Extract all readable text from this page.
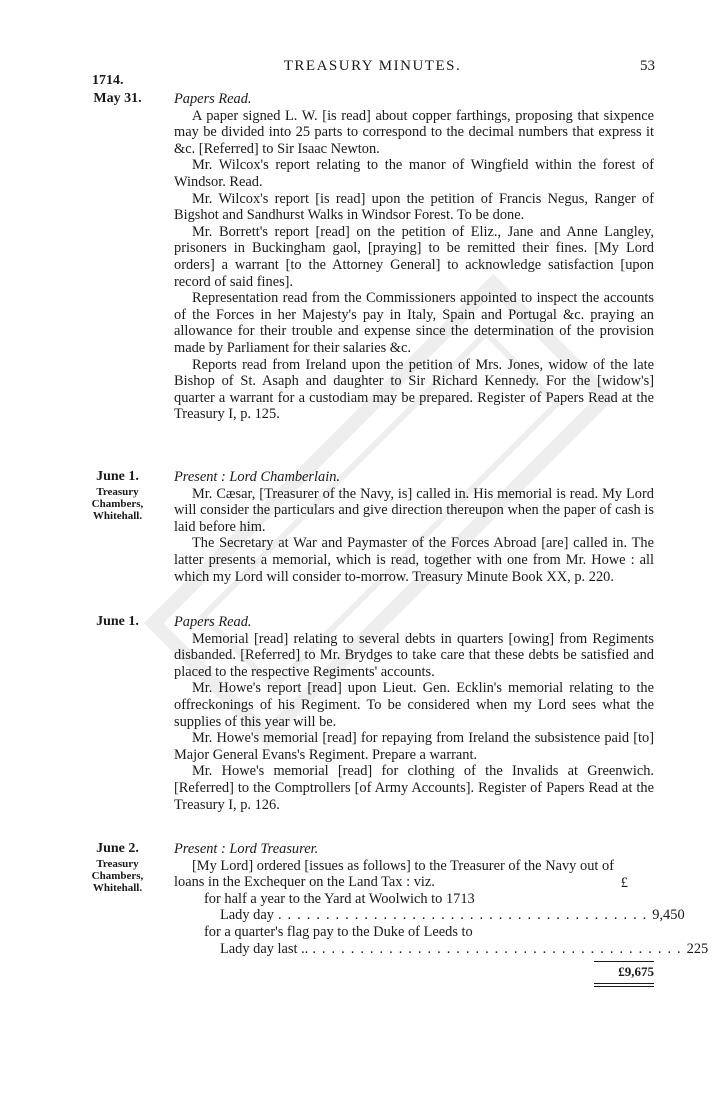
TREASURY MINUTES.	53
1714.
May 31.	Papers Read.

A paper signed L. W. [is read] about copper farthings, proposing that sixpence may be divided into 25 parts to correspond to the decimal numbers that express it &c. [Referred] to Sir Isaac Newton.

Mr. Wilcox's report relating to the manor of Wingfield within the forest of Windsor. Read.

Mr. Wilcox's report [is read] upon the petition of Francis Negus, Ranger of Bigshot and Sandhurst Walks in Windsor Forest. To be done.

Mr. Borrett's report [read] on the petition of Eliz., Jane and Anne Langley, prisoners in Buckingham gaol, [praying] to be remitted their fines. [My Lord orders] a warrant [to the Attorney General] to acknowledge satisfaction [upon record of said fines].

Representation read from the Commissioners appointed to inspect the accounts of the Forces in her Majesty's pay in Italy, Spain and Portugal &c. praying an allowance for their trouble and expense since the determination of the provision made by Parliament for their salaries &c.

Reports read from Ireland upon the petition of Mrs. Jones, widow of the late Bishop of St. Asaph and daughter to Sir Richard Kennedy. For the [widow's] quarter a warrant for a custodiam may be prepared. Register of Papers Read at the Treasury I, p. 125.

June 1.
Treasury Chambers, Whitehall.

Present : Lord Chamberlain.

Mr. Cæsar, [Treasurer of the Navy, is] called in. His memorial is read. My Lord will consider the particulars and give direction thereupon when the paper of cash is laid before him.

The Secretary at War and Paymaster of the Forces Abroad [are] called in. The latter presents a memorial, which is read, together with one from Mr. Howe : all which my Lord will consider to-morrow. Treasury Minute Book XX, p. 220.

June 1.	Papers Read.

Memorial [read] relating to several debts in quarters [owing] from Regiments disbanded. [Referred] to Mr. Brydges to take care that these debts be satisfied and placed to the respective Regiments' accounts.

Mr. Howe's report [read] upon Lieut. Gen. Ecklin's memorial relating to the offreckonings of his Regiment. To be considered when my Lord sees what the supplies of this year will be.

Mr. Howe's memorial [read] for repaying from Ireland the subsistence paid [to] Major General Evans's Regiment. Prepare a warrant.

Mr. Howe's memorial [read] for clothing of the Invalids at Greenwich. [Referred] to the Comptrollers [of Army Accounts]. Register of Papers Read at the Treasury I, p. 126.

June 2.
Treasury Chambers, Whitehall.

Present : Lord Treasurer.

[My Lord] ordered [issues as follows] to the Treasurer of the Navy out of loans in the Exchequer on the Land Tax : viz.	£
for half a year to the Yard at Woolwich to 1713
Lady day ....................................... 9,450
for a quarter's flag pay to the Duke of Leeds to
Lady day last .. ....................................... 225
£9,675
